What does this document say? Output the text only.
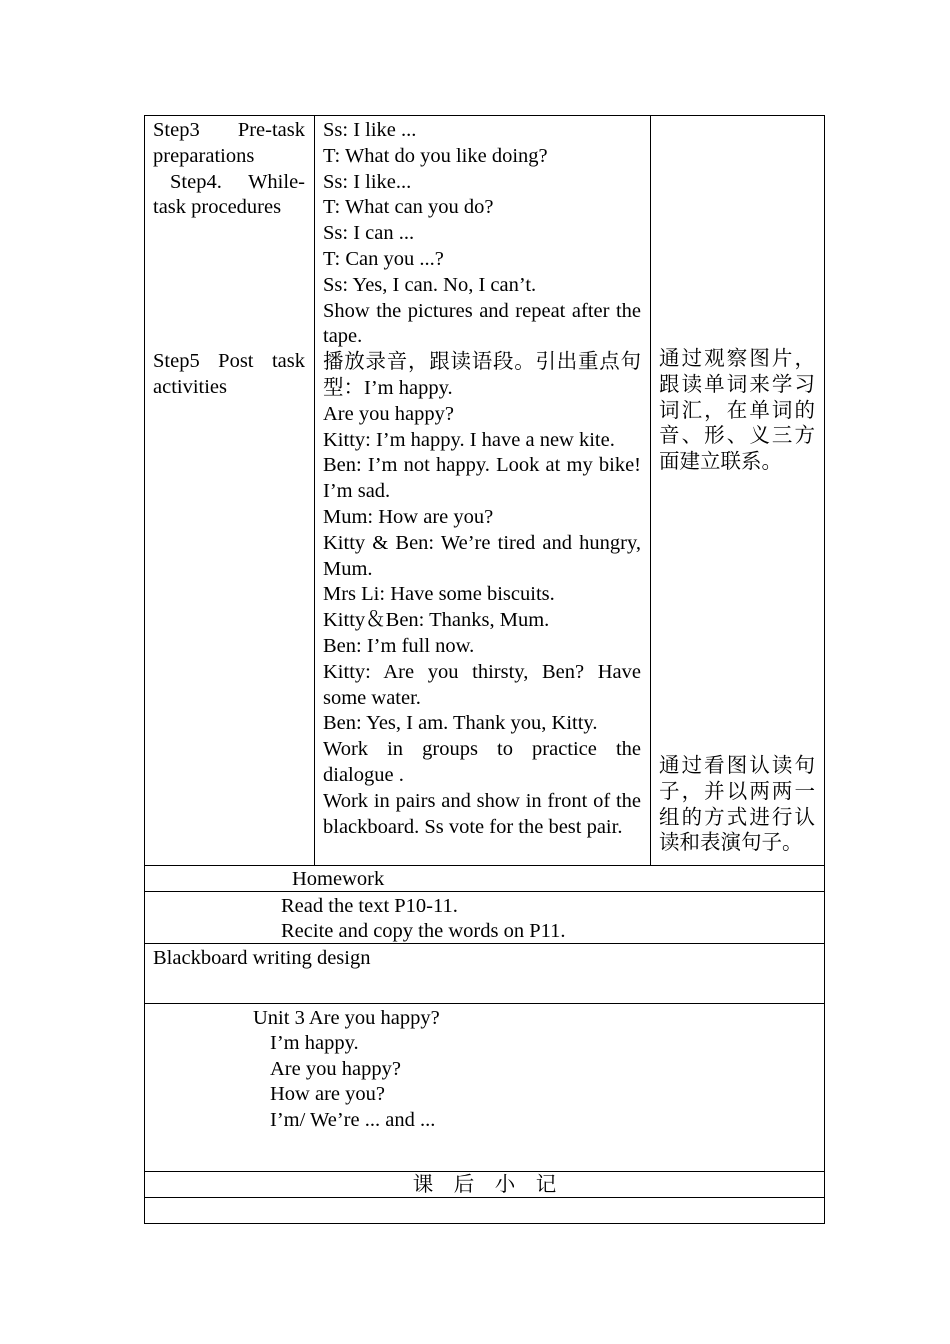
Step3 Pre-task preparations

Step4. While-task procedures

Step5 Post task activities

Ss: I like ...

T: What do you like doing?

Ss: I like...

T: What can you do?

Ss: I can ...

T: Can you ...?

Ss: Yes, I can. No, I can’t.

Show the pictures and repeat after the tape.

播放录音，跟读语段。引出重点句型：I’m happy.

Are you happy?

Kitty: I’m happy. I have a new kite.

Ben: I’m not happy. Look at my bike! I’m sad.

Mum: How are you?

Kitty & Ben: We’re tired and hungry, Mum.

Mrs Li: Have some biscuits.

Kitty＆Ben: Thanks, Mum.

Ben: I’m full now.

Kitty: Are you thirsty, Ben? Have some water.

Ben: Yes, I am. Thank you, Kitty.

Work in groups to practice the dialogue .

Work in pairs and show in front of the blackboard. Ss vote for the best pair.

通过观察图片，跟读单词来学习词汇，在单词的音、形、义三方面建立联系。
通过看图认读句子，并以两两一组的方式进行认读和表演句子。
Homework
Read the text P10-11.
Recite and copy the words on P11.
Blackboard writing design
Unit 3 Are you happy?
I’m happy.
Are you happy?
How are you?
I’m/ We’re ... and ...
课　后　小　记
